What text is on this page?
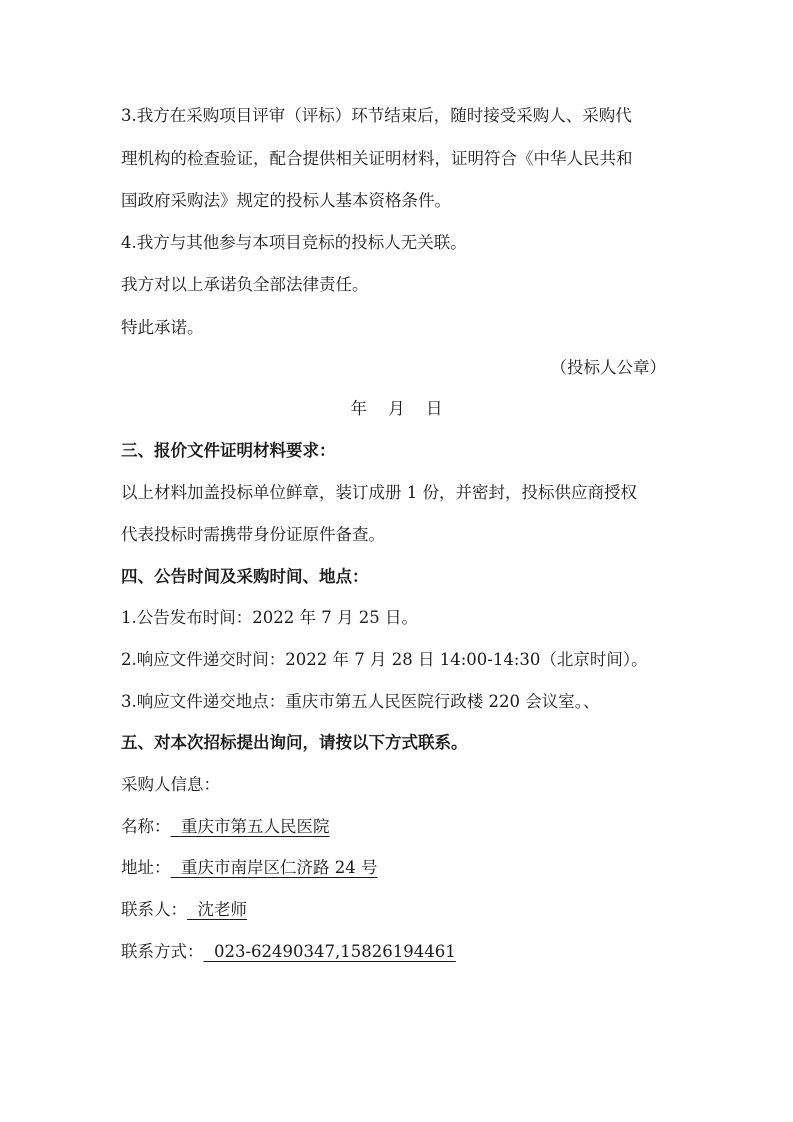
3.我方在采购项目评审（评标）环节结束后，随时接受采购人、采购代
理机构的检查验证，配合提供相关证明材料，证明符合《中华人民共和
国政府采购法》规定的投标人基本资格条件。
4.我方与其他参与本项目竞标的投标人无关联。
我方对以上承诺负全部法律责任。
特此承诺。
（投标人公章）
年 月 日
三、报价文件证明材料要求：
以上材料加盖投标单位鲜章，装订成册 1 份，并密封，投标供应商授权
代表投标时需携带身份证原件备查。
四、公告时间及采购时间、地点：
1.公告发布时间：2022 年 7 月 25 日。
2.响应文件递交时间：2022 年 7 月 28 日 14:00-14:30（北京时间）。
3.响应文件递交地点：重庆市第五人民医院行政楼 220 会议室。、
五、对本次招标提出询问，请按以下方式联系。
采购人信息：
名称：  重庆市第五人民医院
地址：  重庆市南岸区仁济路 24 号
联系人：  沈老师
联系方式：  023-62490347,15826194461
